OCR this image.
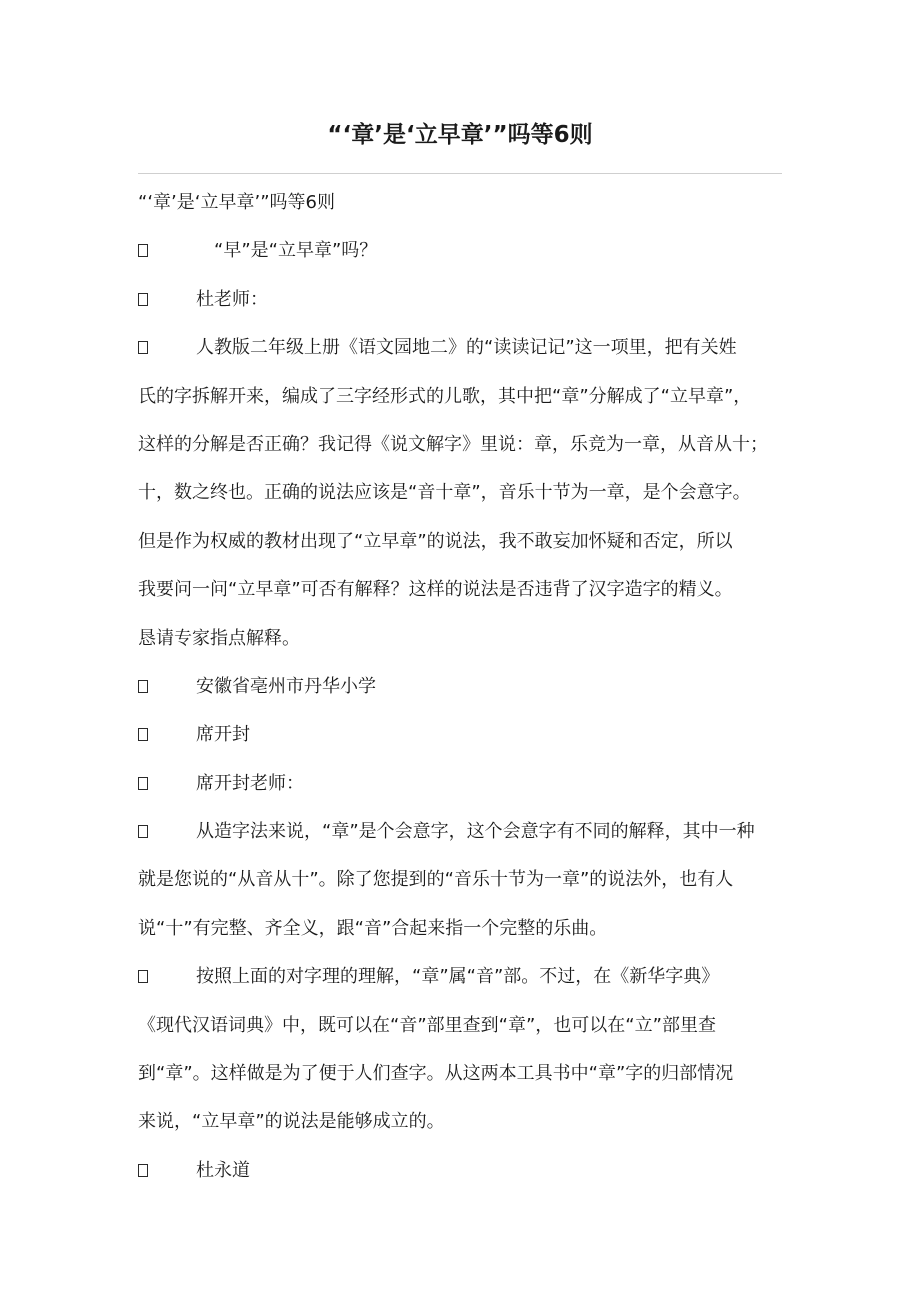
“‘章’是‘立早章’”吗等6则
“‘章’是‘立早章’”吗等6则
“早”是“立早章”吗？
杜老师：
人教版二年级上册《语文园地二》的“读读记记”这一项里，把有关姓
氏的字拆解开来，编成了三字经形式的儿歌，其中把“章”分解成了“立早章”，
这样的分解是否正确？我记得《说文解字》里说：章，乐竞为一章，从音从十；
十，数之终也。正确的说法应该是“音十章”，音乐十节为一章，是个会意字。
但是作为权威的教材出现了“立早章”的说法，我不敢妄加怀疑和否定，所以
我要问一问“立早章”可否有解释？这样的说法是否违背了汉字造字的精义。
恳请专家指点解释。
安徽省亳州市丹华小学
席开封
席开封老师：
从造字法来说，“章”是个会意字，这个会意字有不同的解释，其中一种
就是您说的“从音从十”。除了您提到的“音乐十节为一章”的说法外，也有人
说“十”有完整、齐全义，跟“音”合起来指一个完整的乐曲。
按照上面的对字理的理解，“章”属“音”部。不过，在《新华字典》
《现代汉语词典》中，既可以在“音”部里查到“章”，也可以在“立”部里查
到“章”。这样做是为了便于人们查字。从这两本工具书中“章”字的归部情况
来说，“立早章”的说法是能够成立的。
杜永道
